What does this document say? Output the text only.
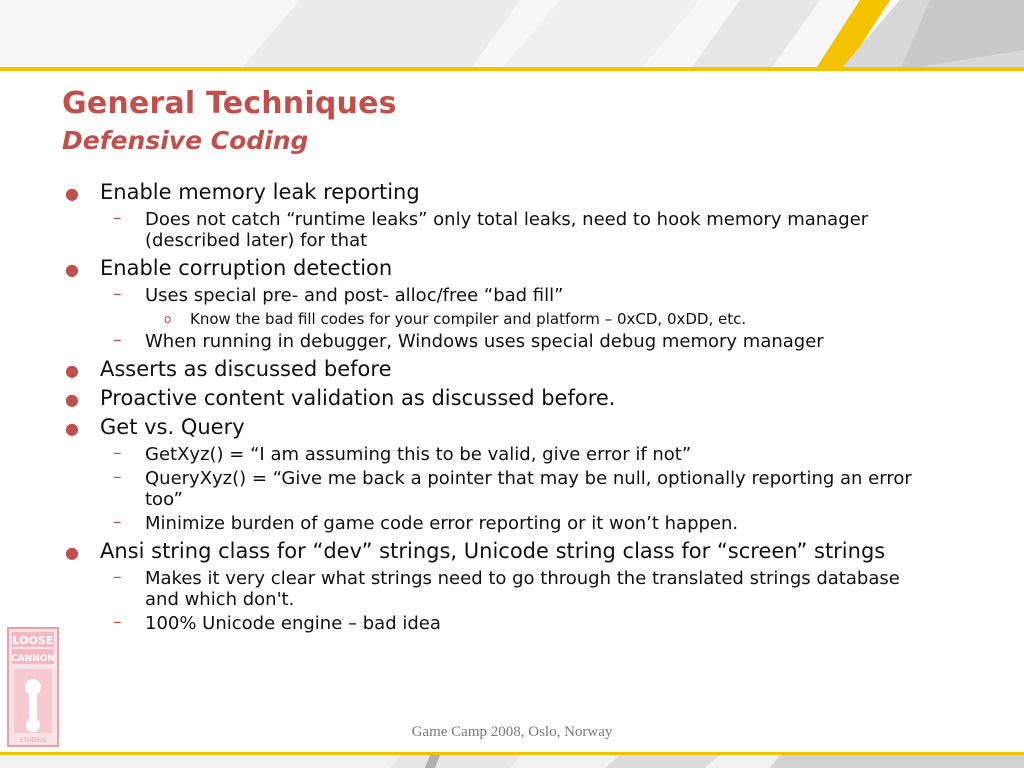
General Techniques
Defensive Coding
● Enable memory leak reporting
– Does not catch “runtime leaks” only total leaks, need to hook memory manager (described later) for that
● Enable corruption detection
– Uses special pre- and post- alloc/free “bad fill”
o Know the bad fill codes for your compiler and platform – 0xCD, 0xDD, etc.
– When running in debugger, Windows uses special debug memory manager
● Asserts as discussed before
● Proactive content validation as discussed before.
● Get vs. Query
– GetXyz() = “I am assuming this to be valid, give error if not”
– QueryXyz() = “Give me back a pointer that may be null, optionally reporting an error too”
– Minimize burden of game code error reporting or it won’t happen.
● Ansi string class for “dev” strings, Unicode string class for “screen” strings
– Makes it very clear what strings need to go through the translated strings database and which don't.
– 100% Unicode engine – bad idea
LOOSE
CANNON
STUDIOS
Game Camp 2008, Oslo, Norway
